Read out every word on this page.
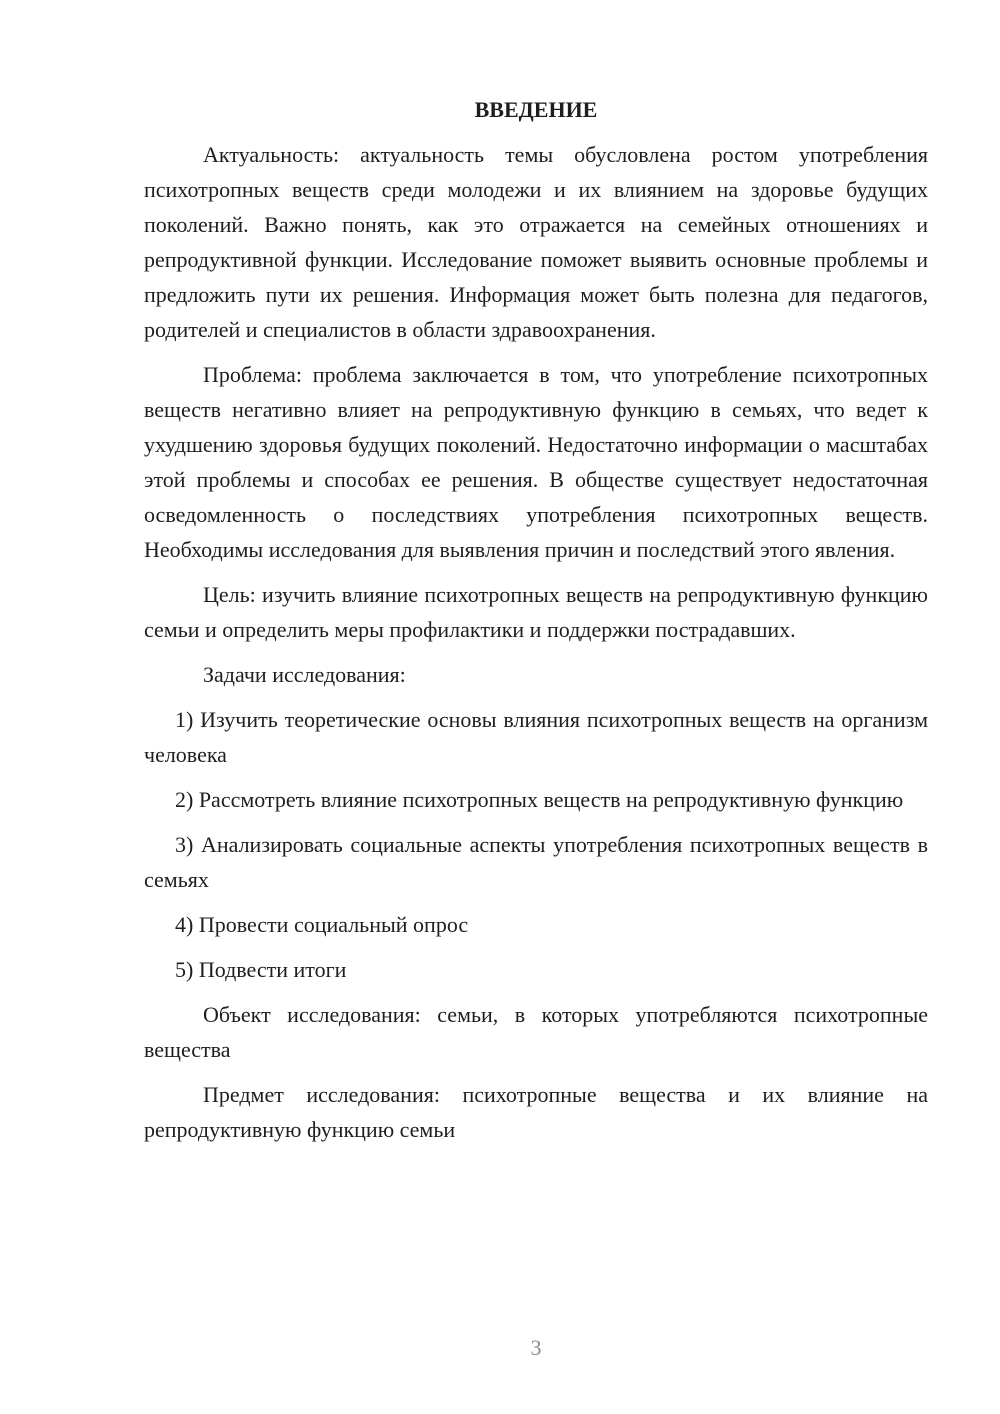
ВВЕДЕНИЕ

Актуальность: актуальность темы обусловлена ростом употребления психотропных веществ среди молодежи и их влиянием на здоровье будущих поколений. Важно понять, как это отражается на семейных отношениях и репродуктивной функции. Исследование поможет выявить основные проблемы и предложить пути их решения. Информация может быть полезна для педагогов, родителей и специалистов в области здравоохранения.

Проблема: проблема заключается в том, что употребление психотропных веществ негативно влияет на репродуктивную функцию в семьях, что ведет к ухудшению здоровья будущих поколений. Недостаточно информации о масштабах этой проблемы и способах ее решения. В обществе существует недостаточная осведомленность о последствиях употребления психотропных веществ. Необходимы исследования для выявления причин и последствий этого явления.

Цель: изучить влияние психотропных веществ на репродуктивную функцию семьи и определить меры профилактики и поддержки пострадавших.

Задачи исследования:

1) Изучить теоретические основы влияния психотропных веществ на организм человека

2) Рассмотреть влияние психотропных веществ на репродуктивную функцию

3) Анализировать социальные аспекты употребления психотропных веществ в семьях

4) Провести социальный опрос

5) Подвести итоги

Объект исследования: семьи, в которых употребляются психотропные вещества

Предмет исследования: психотропные вещества и их влияние на репродуктивную функцию семьи

3
